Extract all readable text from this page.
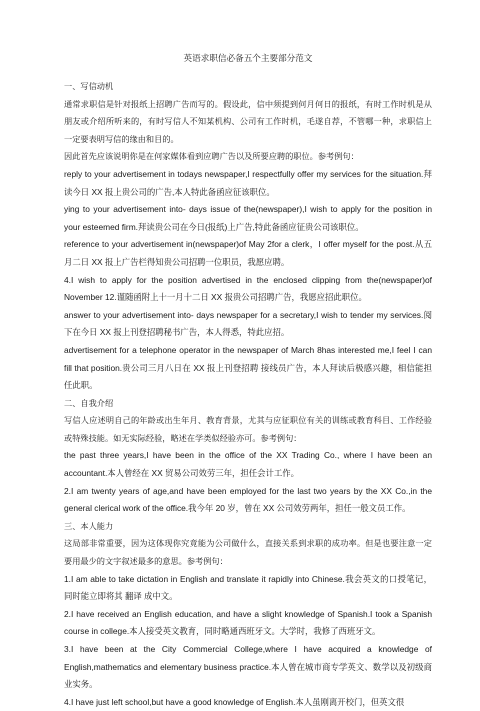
英语求职信必备五个主要部分范文
一、写信动机

通常求职信是针对报纸上招聘广告而写的。假设此，信中须提到何月何日的报纸，有时工作时机是从朋友或介绍所听来的，有时写信人不知某机构、公司有工作时机，毛遂自荐，不管哪一种，求职信上一定要表明写信的缘由和目的。

因此首先应该说明你是在何家媒体看到应聘广告以及所要应聘的职位。参考例句：

reply to your advertisement in todays newspaper,I respectfully offer my services for the situation.拜读今日 XX 报上贵公司的广告,本人特此备函应征该职位。

ying to your advertisement into- days issue of the(newspaper),I wish to apply for the position in your esteemed firm.拜读贵公司在今日(报纸)上广告,特此备函应征贵公司该职位。

reference to your advertisement in(newspaper)of May 2for a clerk，I offer myself for the post.从五月二日 XX 报上广告栏得知贵公司招聘一位职员，我愿应聘。

4.I wish to apply for the position advertised in the enclosed clipping from the(newspaper)of November 12.谨随函附上十一月十二日 XX 报贵公司招聘广告，我愿应招此职位。

answer to your advertisement into- days newspaper for a secretary,I wish to tender my services.阅下在今日 XX 报上刊登招聘秘书广告，本人得悉，特此应招。

advertisement for a telephone operator in the newspaper of March 8has interested me,I feel I can fill that position.贵公司三月八日在 XX 报上刊登招聘 接线员广告，本人拜读后极感兴趣，相信能担任此职。

二、自我介绍

写信人应述明自己的年龄或出生年月、教育背景，尤其与应征职位有关的训练或教育科目、工作经验或特殊技能。如无实际经验，略述在学类似经验亦可。参考例句：

the past three years,I have been in the office of the XX Trading Co., where I have been an accountant.本人曾经在 XX 贸易公司效劳三年，担任会计工作。

2.I am twenty years of age,and have been employed for the last two years by the XX Co.,in the general clerical work of the office.我今年 20 岁，曾在 XX 公司效劳两年，担任一般文员工作。

三、本人能力

这局部非常重要，因为这体现你究竟能为公司做什么，直接关系到求职的成功率。但是也要注意一定要用最少的文字叙述最多的意思。参考例句：

1.I am able to take dictation in English and translate it rapidly into Chinese.我会英文的口授笔记，同时能立即将其 翻译 成中文。

2.I have received an English education, and have a slight knowledge of Spanish.I took a Spanish course in college.本人接受英文教育，同时略通西班牙文。大学时，我修了西班牙文。

3.I have been at the City Commercial College,where I have acquired a knowledge of English,mathematics and elementary business practice.本人曾在城市商专学英文、数学以及初级商业实务。

4.I have just left school,but have a good knowledge of English.本人虽刚离开校门，但英文很
